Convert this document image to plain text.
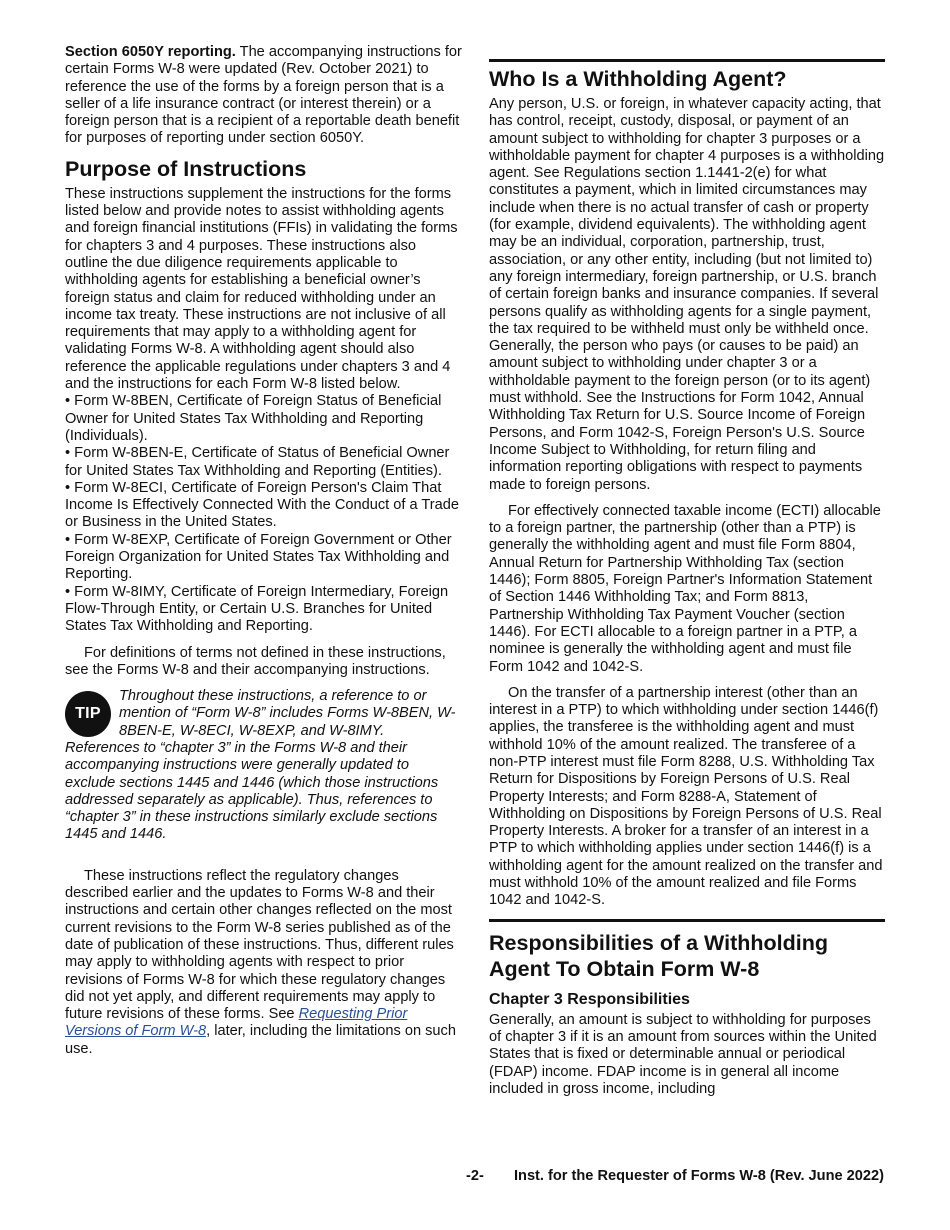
Section 6050Y reporting. The accompanying instructions for certain Forms W-8 were updated (Rev. October 2021) to reference the use of the forms by a foreign person that is a seller of a life insurance contract (or interest therein) or a foreign person that is a recipient of a reportable death benefit for purposes of reporting under section 6050Y.

Purpose of Instructions

These instructions supplement the instructions for the forms listed below and provide notes to assist withholding agents and foreign financial institutions (FFIs) in validating the forms for chapters 3 and 4 purposes. These instructions also outline the due diligence requirements applicable to withholding agents for establishing a beneficial owner’s foreign status and claim for reduced withholding under an income tax treaty. These instructions are not inclusive of all requirements that may apply to a withholding agent for validating Forms W-8. A withholding agent should also reference the applicable regulations under chapters 3 and 4 and the instructions for each Form W-8 listed below.

• Form W-8BEN, Certificate of Foreign Status of Beneficial Owner for United States Tax Withholding and Reporting (Individuals).

• Form W-8BEN-E, Certificate of Status of Beneficial Owner for United States Tax Withholding and Reporting (Entities).

• Form W-8ECI, Certificate of Foreign Person's Claim That Income Is Effectively Connected With the Conduct of a Trade or Business in the United States.

• Form W-8EXP, Certificate of Foreign Government or Other Foreign Organization for United States Tax Withholding and Reporting.

• Form W-8IMY, Certificate of Foreign Intermediary, Foreign Flow-Through Entity, or Certain U.S. Branches for United States Tax Withholding and Reporting.

For definitions of terms not defined in these instructions, see the Forms W-8 and their accompanying instructions.

TIP
Throughout these instructions, a reference to or mention of “Form W-8” includes Forms W-8BEN, W-8BEN-E, W-8ECI, W-8EXP, and W-8IMY. References to “chapter 3” in the Forms W-8 and their accompanying instructions were generally updated to exclude sections 1445 and 1446 (which those instructions addressed separately as applicable). Thus, references to “chapter 3” in these instructions similarly exclude sections 1445 and 1446.

These instructions reflect the regulatory changes described earlier and the updates to Forms W-8 and their instructions and certain other changes reflected on the most current revisions to the Form W-8 series published as of the date of publication of these instructions. Thus, different rules may apply to withholding agents with respect to prior revisions of Forms W-8 for which these regulatory changes did not yet apply, and different requirements may apply to future revisions of these forms. See Requesting Prior Versions of Form W-8, later, including the limitations on such use.

Who Is a Withholding Agent?

Any person, U.S. or foreign, in whatever capacity acting, that has control, receipt, custody, disposal, or payment of an amount subject to withholding for chapter 3 purposes or a withholdable payment for chapter 4 purposes is a withholding agent. See Regulations section 1.1441-2(e) for what constitutes a payment, which in limited circumstances may include when there is no actual transfer of cash or property (for example, dividend equivalents). The withholding agent may be an individual, corporation, partnership, trust, association, or any other entity, including (but not limited to) any foreign intermediary, foreign partnership, or U.S. branch of certain foreign banks and insurance companies. If several persons qualify as withholding agents for a single payment, the tax required to be withheld must only be withheld once. Generally, the person who pays (or causes to be paid) an amount subject to withholding under chapter 3 or a withholdable payment to the foreign person (or to its agent) must withhold. See the Instructions for Form 1042, Annual Withholding Tax Return for U.S. Source Income of Foreign Persons, and Form 1042-S, Foreign Person's U.S. Source Income Subject to Withholding, for return filing and information reporting obligations with respect to payments made to foreign persons.

For effectively connected taxable income (ECTI) allocable to a foreign partner, the partnership (other than a PTP) is generally the withholding agent and must file Form 8804, Annual Return for Partnership Withholding Tax (section 1446); Form 8805, Foreign Partner's Information Statement of Section 1446 Withholding Tax; and Form 8813, Partnership Withholding Tax Payment Voucher (section 1446). For ECTI allocable to a foreign partner in a PTP, a nominee is generally the withholding agent and must file Form 1042 and 1042-S.

On the transfer of a partnership interest (other than an interest in a PTP) to which withholding under section 1446(f) applies, the transferee is the withholding agent and must withhold 10% of the amount realized. The transferee of a non-PTP interest must file Form 8288, U.S. Withholding Tax Return for Dispositions by Foreign Persons of U.S. Real Property Interests; and Form 8288-A, Statement of Withholding on Dispositions by Foreign Persons of U.S. Real Property Interests. A broker for a transfer of an interest in a PTP to which withholding applies under section 1446(f) is a withholding agent for the amount realized on the transfer and must withhold 10% of the amount realized and file Forms 1042 and 1042-S.

Responsibilities of a Withholding Agent To Obtain Form W-8
Chapter 3 Responsibilities

Generally, an amount is subject to withholding for purposes of chapter 3 if it is an amount from sources within the United States that is fixed or determinable annual or periodical (FDAP) income. FDAP income is in general all income included in gross income, including

-2- Inst. for the Requester of Forms W-8 (Rev. June 2022)
